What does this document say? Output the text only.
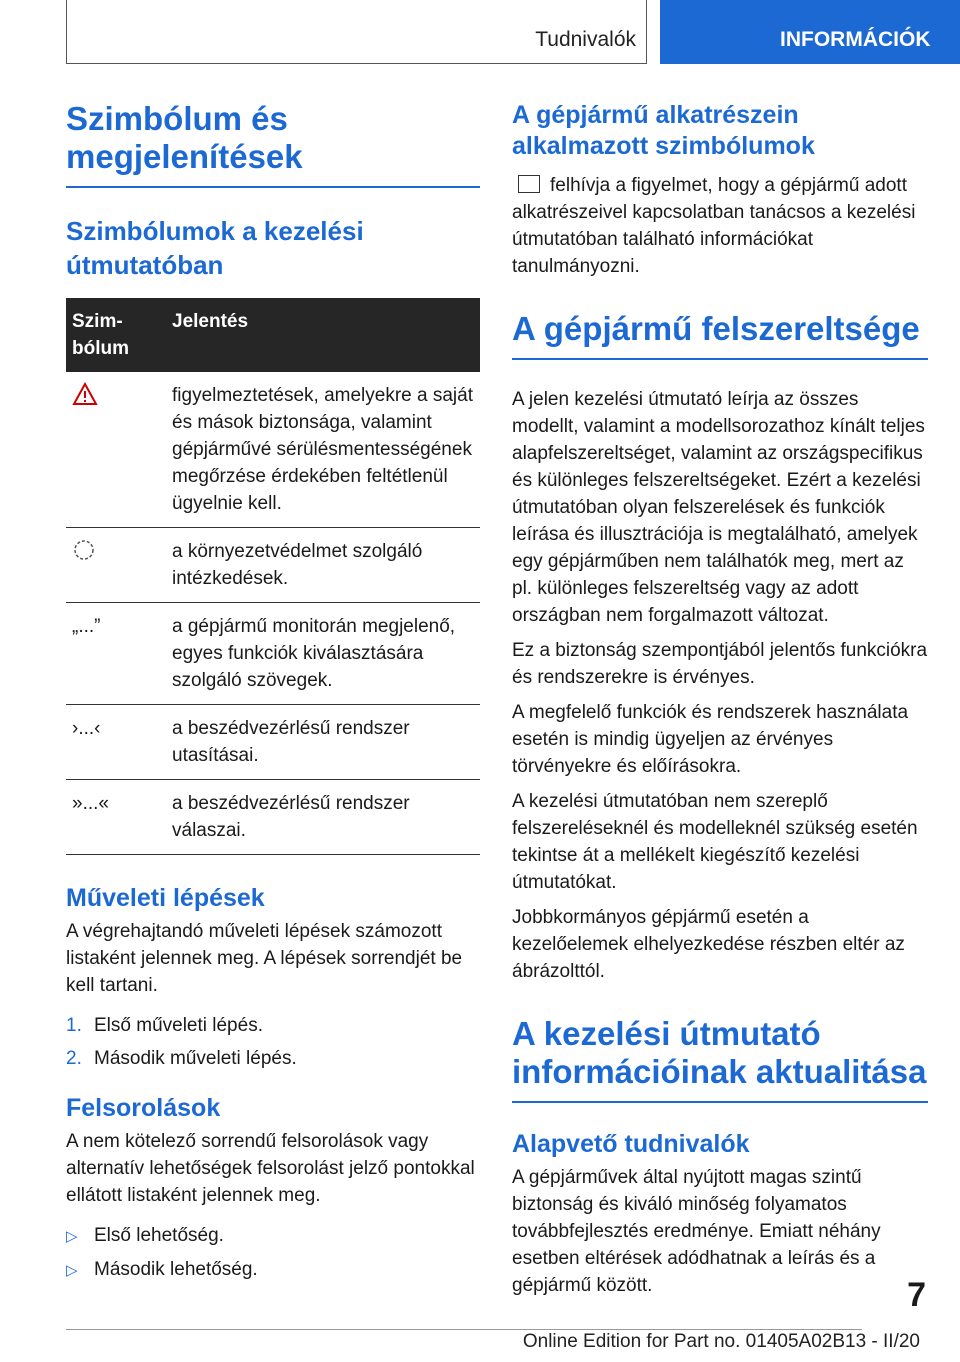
Tudnivalók	INFORMÁCIÓK
Szimbólum és megjelenítések
Szimbólumok a kezelési útmutatóban
Szim-bólum	Jelentés
	figyelmeztetések, amelyekre a saját és mások biztonsága, valamint gépjárművé sérülésmentességének megőrzése érdekében feltétlenül ügyelnie kell.
	a környezetvédelmet szolgáló intézkedések.
„...”	a gépjármű monitorán megjelenő, egyes funkciók kiválasztására szolgáló szövegek.
›...‹	a beszédvezérlésű rendszer utasításai.
»...«	a beszédvezérlésű rendszer válaszai.
Műveleti lépések

A végrehajtandó műveleti lépések számozott listaként jelennek meg. A lépések sorrendjét be kell tartani.

1. Első műveleti lépés.
2. Második műveleti lépés.
Felsorolások

A nem kötelező sorrendű felsorolások vagy alternatív lehetőségek felsorolást jelző pontokkal ellátott listaként jelennek meg.

▷ Első lehetőség.
▷ Második lehetőség.
A gépjármű alkatrészein alkalmazott szimbólumok

felhívja a figyelmet, hogy a gépjármű adott alkatrészeivel kapcsolatban tanácsos a kezelési útmutatóban található információkat tanulmányozni.

A gépjármű felszereltsége

A jelen kezelési útmutató leírja az összes modellt, valamint a modellsorozathoz kínált teljes alapfelszereltséget, valamint az országspecifikus és különleges felszereltségeket. Ezért a kezelési útmutatóban olyan felszerelések és funkciók leírása és illusztrációja is megtalálható, amelyek egy gépjárműben nem találhatók meg, mert az pl. különleges felszereltség vagy az adott országban nem forgalmazott változat.

Ez a biztonság szempontjából jelentős funkciókra és rendszerekre is érvényes.

A megfelelő funkciók és rendszerek használata esetén is mindig ügyeljen az érvényes törvényekre és előírásokra.

A kezelési útmutatóban nem szereplő felszereléseknél és modelleknél szükség esetén tekintse át a mellékelt kiegészítő kezelési útmutatókat.

Jobbkormányos gépjármű esetén a kezelőelemek elhelyezkedése részben eltér az ábrázolttól.

A kezelési útmutató információinak aktualitása
Alapvető tudnivalók

A gépjárművek által nyújtott magas szintű biztonság és kiváló minőség folyamatos továbbfejlesztés eredménye. Emiatt néhány esetben eltérések adódhatnak a leírás és a gépjármű között.	7
Online Edition for Part no. 01405A02B13 - II/20
